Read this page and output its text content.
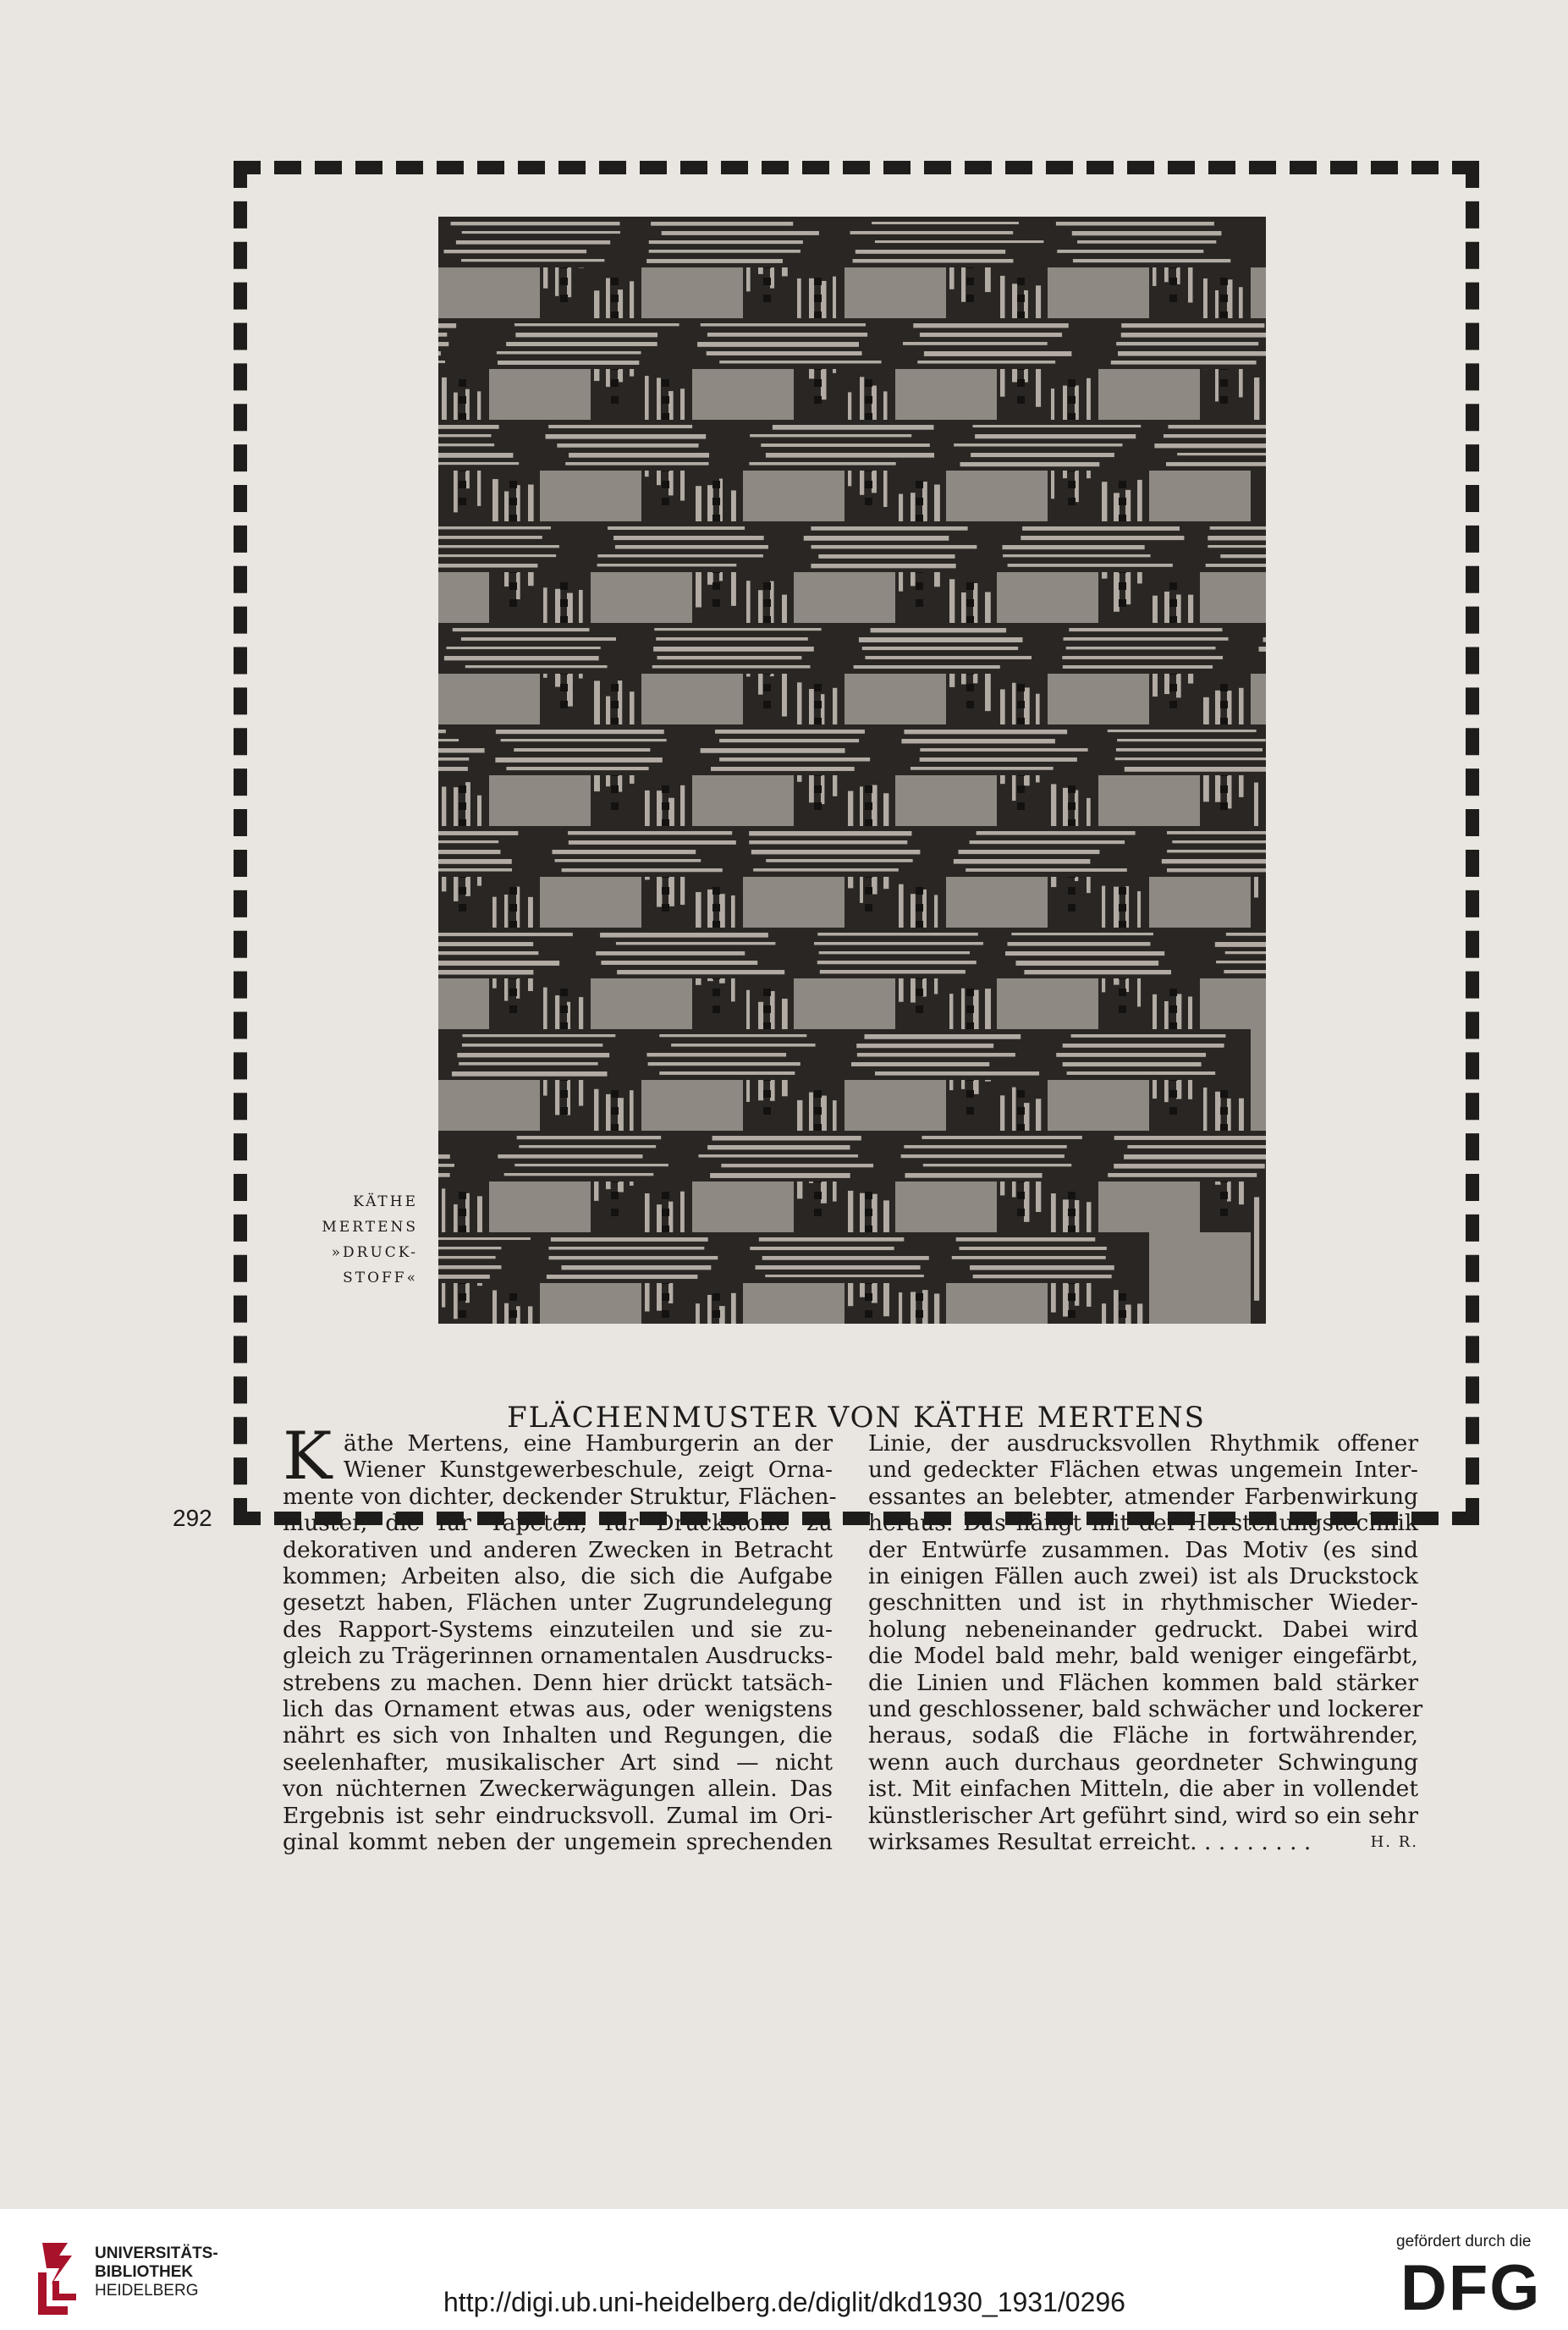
KÄTHE
MERTENS
»DRUCK-
STOFF«
FLÄCHENMUSTER VON KÄTHE MERTENS
K äthe Mertens, eine Hamburgerin an der
Wiener Kunstgewerbeschule, zeigt Orna-
mente von dichter, deckender Struktur, Flächen-
muster, die für Tapeten, für Druckstoffe zu
dekorativen und anderen Zwecken in Betracht
kommen; Arbeiten also, die sich die Aufgabe
gesetzt haben, Flächen unter Zugrundelegung
des Rapport-Systems einzuteilen und sie zu-
gleich zu Trägerinnen ornamentalen Ausdrucks-
strebens zu machen. Denn hier drückt tatsäch-
lich das Ornament etwas aus, oder wenigstens
nährt es sich von Inhalten und Regungen, die
seelenhafter, musikalischer Art sind — nicht
von nüchternen Zweckerwägungen allein. Das
Ergebnis ist sehr eindrucksvoll. Zumal im Ori-
ginal kommt neben der ungemein sprechenden
Linie, der ausdrucksvollen Rhythmik offener
und gedeckter Flächen etwas ungemein Inter-
essantes an belebter, atmender Farbenwirkung
heraus. Das hängt mit der Herstellungstechnik
der Entwürfe zusammen. Das Motiv (es sind
in einigen Fällen auch zwei) ist als Druckstock
geschnitten und ist in rhythmischer Wieder-
holung nebeneinander gedruckt. Dabei wird
die Model bald mehr, bald weniger eingefärbt,
die Linien und Flächen kommen bald stärker
und geschlossener, bald schwächer und lockerer
heraus, sodaß die Fläche in fortwährender,
wenn auch durchaus geordneter Schwingung
ist. Mit einfachen Mitteln, die aber in vollendet
künstlerischer Art geführt sind, wird so ein sehr
wirksames Resultat erreicht. . . . . . . . .	H. R.
292
UNIVERSITÄTS-
BIBLIOTHEK
HEIDELBERG	http://digi.ub.uni-heidelberg.de/diglit/dkd1930_1931/0296
gefördert durch die
DFG
